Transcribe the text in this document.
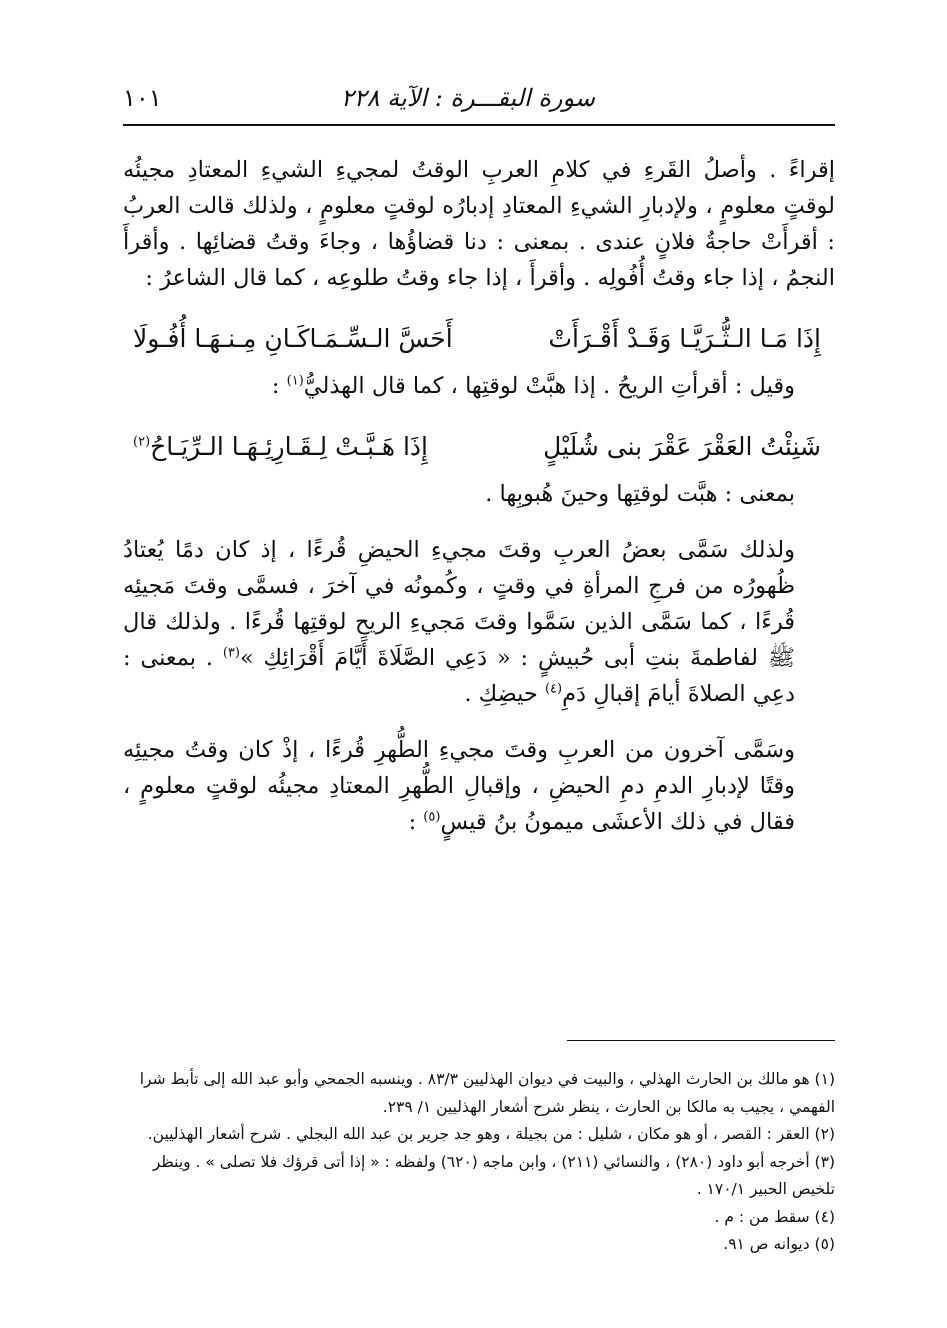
سورة البقـــرة : الآية ٢٢٨
١٠١

إقراءً . وأصلُ القَرءِ في كلامِ العربِ الوقتُ لمجيءِ الشيءِ المعتادِ مجيئُه لوقتٍ معلومٍ ، ولإدبارِ الشيءِ المعتادِ إدبارُه لوقتٍ معلومٍ ، ولذلك قالت العربُ : أقرأَتْ حاجةُ فلانٍ عندى . بمعنى : دنا قضاؤُها ، وجاءَ وقتُ قضائِها . وأقرأَ النجمُ ، إذا جاء وقتُ أُفُولِه . وأقرأَ ، إذا جاء وقتُ طلوعِه ، كما قال الشاعرُ :

إِذَا مَـا الـثُّـرَيَّـا وَقَـدْ أَقْـرَأَتْ
أَحَسَّ الـسِّـمَـاكَـانِ مِـنـهَـا أُفُـولَا

وقيل : أقرأتِ الريحُ . إذا هبَّتْ لوقتِها ، كما قال الهذليُّ$^{(١)}$ :

شَنِئْتُ العَقْرَ عَقْرَ بنى شُلَيْلٍ
إِذَا هَـبَّـتْ لِـقَـارِئِـهَـا الـرِّيَـاحُ$^{(٢)}$

بمعنى : هبَّت لوقتِها وحينَ هُبوبِها .

ولذلك سَمَّى بعضُ العربِ وقتَ مجيءِ الحيضِ قُرءًا ، إذ كان دمًا يُعتادُ ظُهورُه من فرجِ المرأةِ في وقتٍ ، وكُمونُه في آخرَ ، فسمَّى وقتَ مَجيئِه قُرءًا ، كما سَمَّى الذين سَمَّوا وقتَ مَجيءِ الريحِ لوقتِها قُرءًا . ولذلك قال ﷺ لفاطمةَ بنتِ أبى حُبيشٍ : « دَعِي الصَّلَاةَ أَيَّامَ أَقْرَائِكِ »$^{(٣)}$ . بمعنى : دعِي الصلاةَ أيامَ إقبالِ دَمِ$^{(٤)}$ حيضِكِ .

وسَمَّى آخرون من العربِ وقتَ مجيءِ الطُّهرِ قُرءًا ، إذْ كان وقتُ مجيئِه وقتًا لإدبارِ الدمِ دمِ الحيضِ ، وإقبالِ الطُّهرِ المعتادِ مجيئُه لوقتٍ معلومٍ ، فقال في ذلك الأعشَى ميمونُ بنُ قيسٍ$^{(٥)}$ :

(١) هو مالك بن الحارث الهذلي ، والبيت في ديوان الهذليين ٨٣/٣ . وينسبه الجمحي وأبو عبد الله إلى تأبط شرا الفهمي ، يجيب به مالكا بن الحارث ، ينظر شرح أشعار الهذليين ١/ ٢٣٩.

(٢) العقر : القصر ، أو هو مكان ، شليل : من بجيلة ، وهو جد جرير بن عبد الله البجلي . شرح أشعار الهذليين.

(٣) أخرجه أبو داود (٢٨٠) ، والنسائي (٢١١) ، وابن ماجه (٦٢٠) ولفظه : « إذا أتى قرؤك فلا تصلى » . وينظر تلخيص الحبير ١٧٠/١ .

(٤) سقط من : م .

(٥) ديوانه ص ٩١.
